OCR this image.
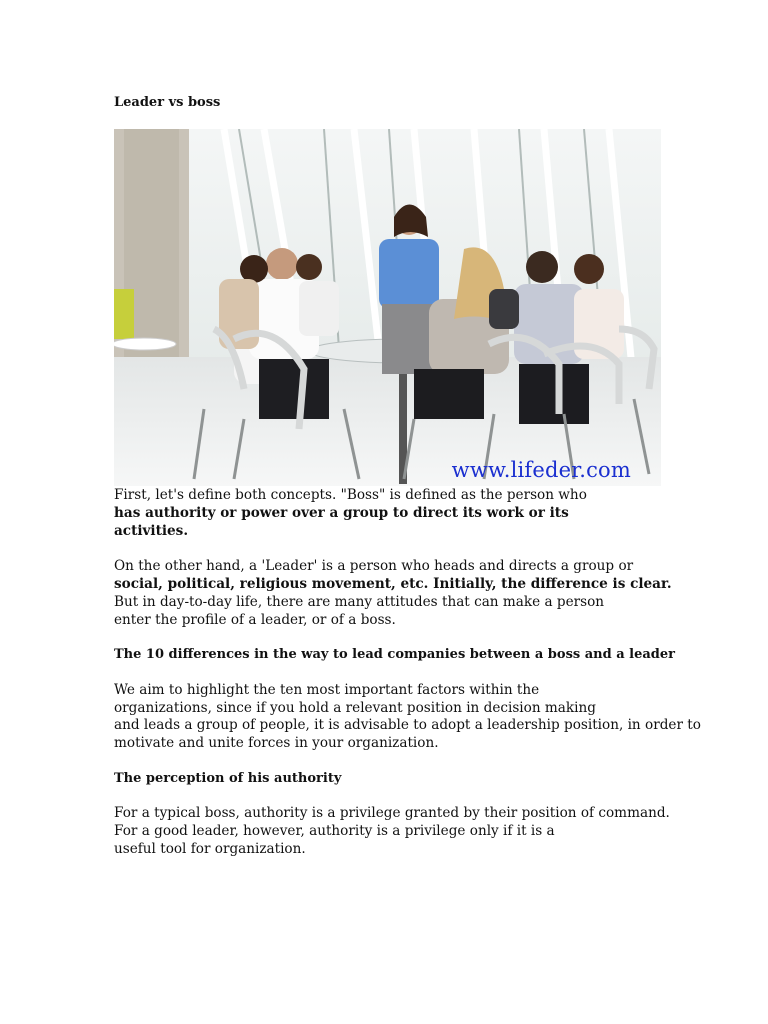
Leader vs boss
www.lifeder.com
First, let's define both concepts. "Boss" is defined as the person who
has authority or power over a group to direct its work or its
activities.
On the other hand, a 'Leader' is a person who heads and directs a group or
social, political, religious movement, etc. Initially, the difference is clear.
But in day-to-day life, there are many attitudes that can make a person
enter the profile of a leader, or of a boss.
The 10 differences in the way to lead companies between a boss and a leader
We aim to highlight the ten most important factors within the
organizations, since if you hold a relevant position in decision making
and leads a group of people, it is advisable to adopt a leadership position, in order to
motivate and unite forces in your organization.
The perception of his authority
For a typical boss, authority is a privilege granted by their position of command.
For a good leader, however, authority is a privilege only if it is a
useful tool for organization.
